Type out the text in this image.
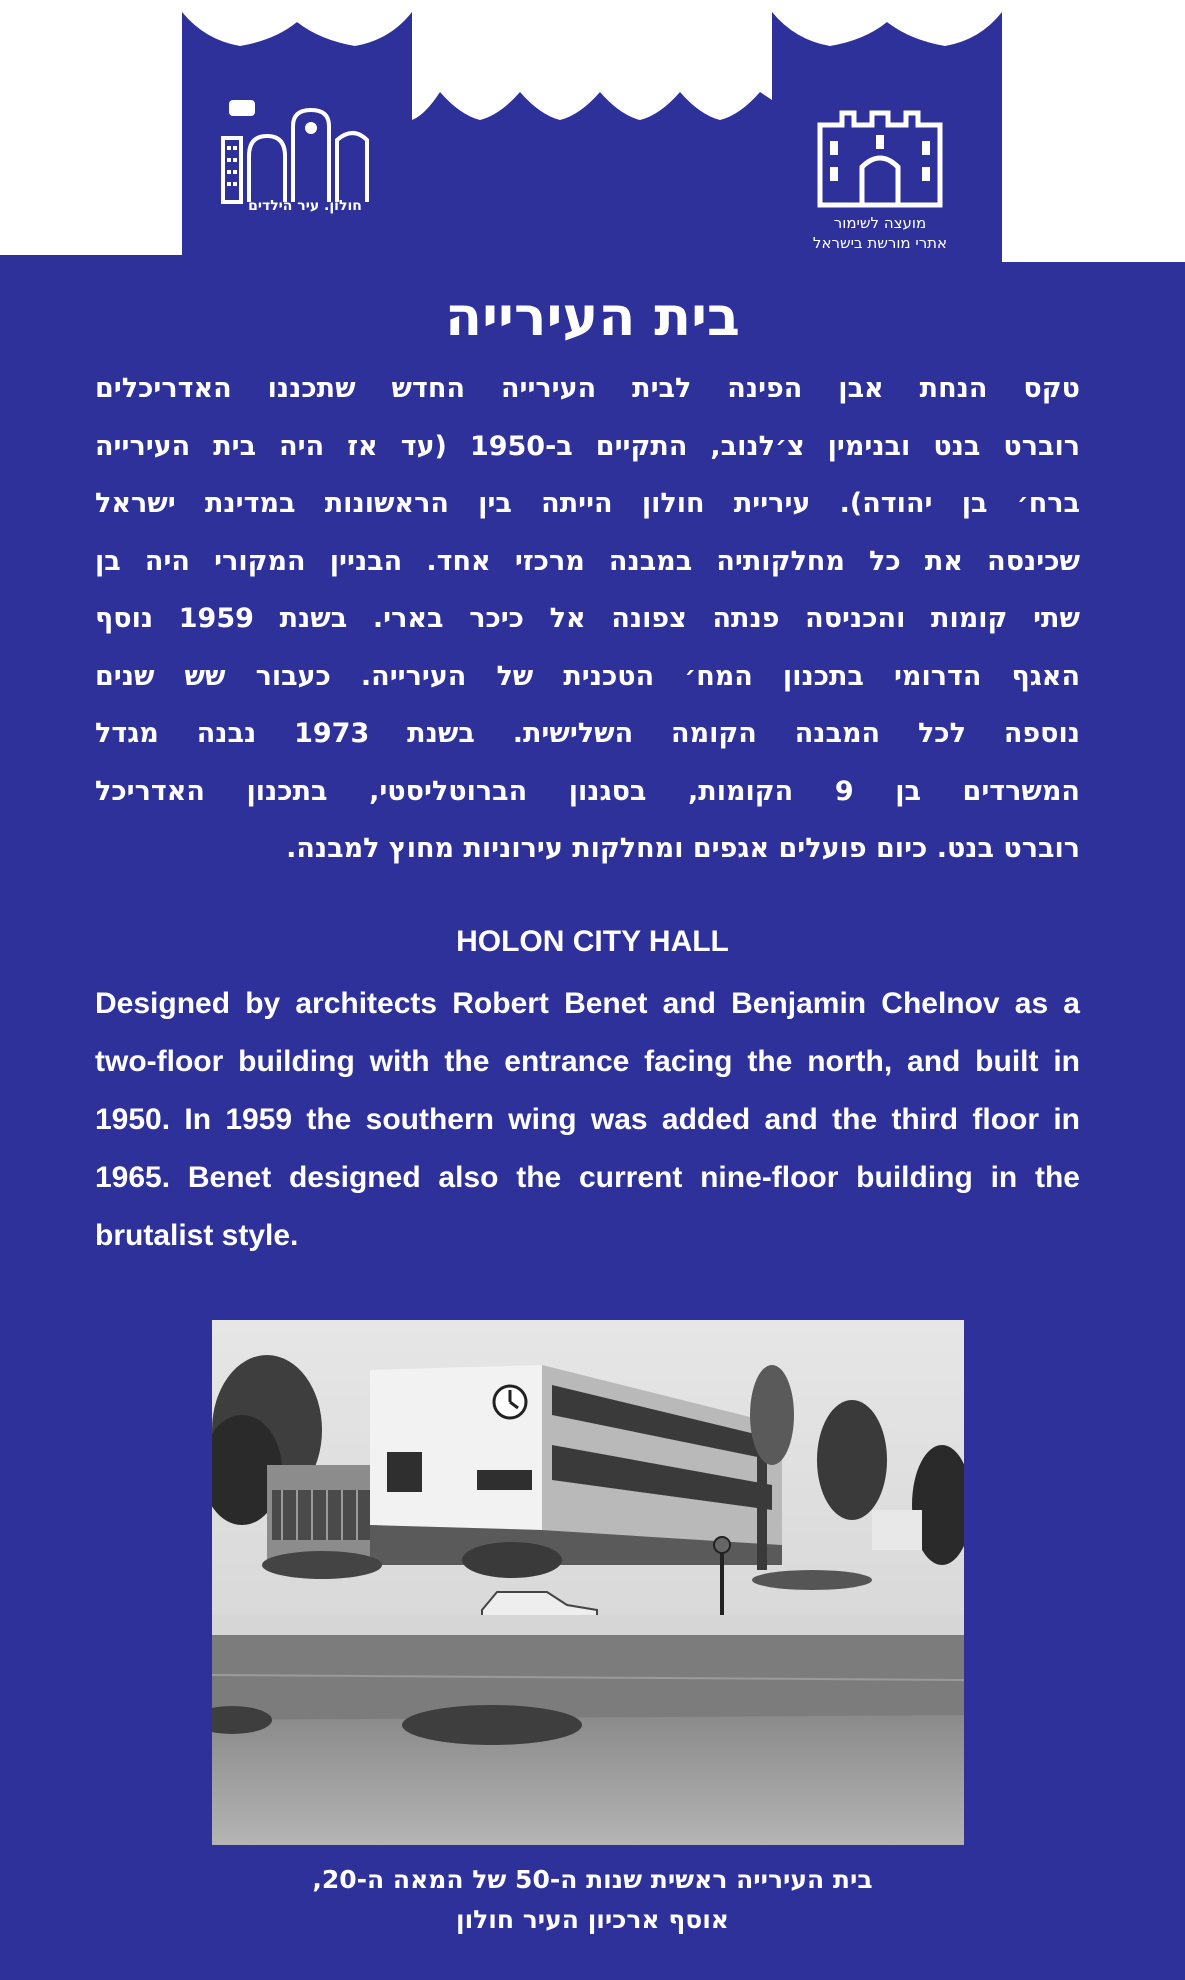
חולון. עיר הילדים
מועצה לשימור
אתרי מורשת בישראל
בית העירייה
טקס הנחת אבן הפינה לבית העירייה החדש שתכננו האדריכלים
רוברט בנט ובנימין צ׳לנוב, התקיים ב-1950 (עד אז היה בית העירייה
ברח׳ בן יהודה). עיריית חולון הייתה בין הראשונות במדינת ישראל
שכינסה את כל מחלקותיה במבנה מרכזי אחד. הבניין המקורי היה בן
שתי קומות והכניסה פנתה צפונה אל כיכר בארי. בשנת 1959 נוסף
האגף הדרומי בתכנון המח׳ הטכנית של העירייה. כעבור שש שנים
נוספה לכל המבנה הקומה השלישית. בשנת 1973 נבנה מגדל
המשרדים בן 9 הקומות, בסגנון הברוטליסטי, בתכנון האדריכל
רוברט בנט. כיום פועלים אגפים ומחלקות עירוניות מחוץ למבנה.
HOLON CITY HALL
Designed by architects Robert Benet and Benjamin Chelnov as a
two-floor building with the entrance facing the north, and built in
1950. In 1959 the southern wing was added and the third floor in
1965. Benet designed also the current nine-floor building in the
brutalist style.
בית העירייה ראשית שנות ה-50 של המאה ה-20,
אוסף ארכיון העיר חולון
